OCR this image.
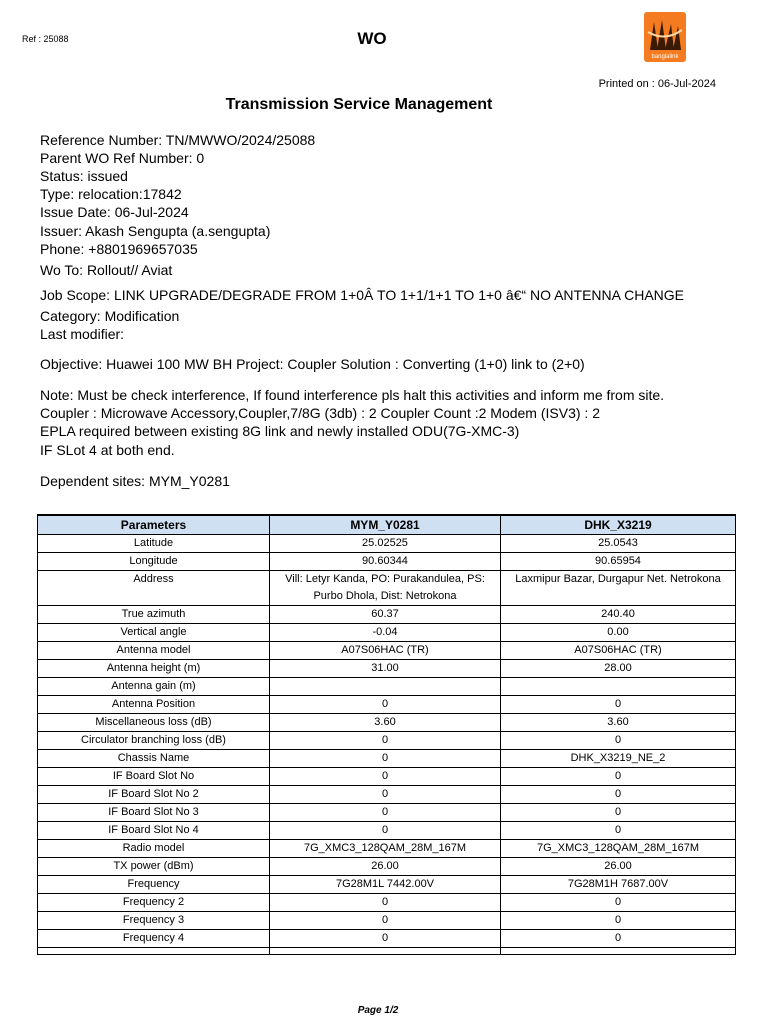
Ref : 25088	WO
banglalink
Printed on : 06-Jul-2024
Transmission Service Management
Reference Number: TN/MWWO/2024/25088
Parent WO Ref Number: 0
Status: issued
Type: relocation:17842
Issue Date: 06-Jul-2024
Issuer: Akash Sengupta (a.sengupta)
Phone: +8801969657035
Wo To: Rollout// Aviat
Job Scope: LINK UPGRADE/DEGRADE FROM 1+0Â TO 1+1/1+1 TO 1+0 â€“ NO ANTENNA CHANGE
Category: Modification
Last modifier:
Objective: Huawei 100 MW BH Project: Coupler Solution : Converting (1+0) link to (2+0)
Note: Must be check interference, If found interference pls halt this activities and inform me from site.
Coupler : Microwave Accessory,Coupler,7/8G (3db) : 2 Coupler Count :2 Modem (ISV3) : 2
EPLA required between existing 8G link and newly installed ODU(7G-XMC-3)
IF SLot 4 at both end.
Dependent sites: MYM_Y0281
Parameters	MYM_Y0281	DHK_X3219
Latitude	25.02525	25.0543
Longitude	90.60344	90.65954
Address	Vill: Letyr Kanda, PO: Purakandulea, PS: Purbo Dhola, Dist: Netrokona	Laxmipur Bazar, Durgapur Net. Netrokona
True azimuth	60.37	240.40
Vertical angle	-0.04	0.00
Antenna model	A07S06HAC (TR)	A07S06HAC (TR)
Antenna height (m)	31.00	28.00
Antenna gain (m)		
Antenna Position	0	0
Miscellaneous loss (dB)	3.60	3.60
Circulator branching loss (dB)	0	0
Chassis Name	0	DHK_X3219_NE_2
IF Board Slot No	0	0
IF Board Slot No 2	0	0
IF Board Slot No 3	0	0
IF Board Slot No 4	0	0
Radio model	7G_XMC3_128QAM_28M_167M	7G_XMC3_128QAM_28M_167M
TX power (dBm)	26.00	26.00
Frequency	7G28M1L 7442.00V	7G28M1H 7687.00V
Frequency 2	0	0
Frequency 3	0	0
Frequency 4	0	0

Page 1/2
